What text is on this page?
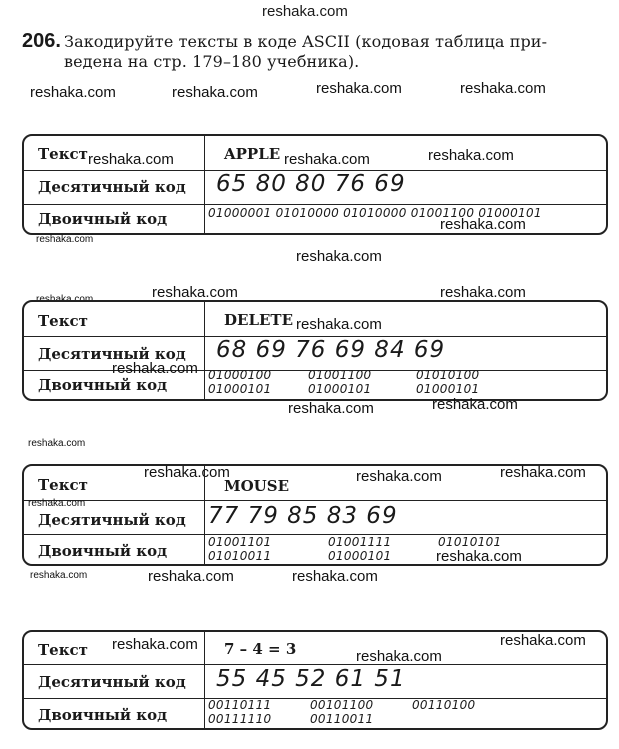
reshaka.com
reshaka.com	reshaka.com	reshaka.com	reshaka.com
206. Закодируйте тексты в коде ASCII (кодовая таблица при-
ведена на стр. 179–180 учебника).
Текст	APPLE
Десятичный код 65 80 80 76 69
Двоичный код	01000001 01010000 01010000 01001100 01000101
reshaka.com	reshaka.com	reshaka.com
reshaka.com
reshaka.com
reshaka.com
reshaka.com	reshaka.com
reshaka.com
Текст	DELETE
Десятичный код 68 69 76 69 84 69
Двоичный код
01000100	01001100	01010100
01000101	01000101	01000101
reshaka.com
reshaka.com
reshaka.com	reshaka.com
reshaka.com
reshaka.com	reshaka.com	reshaka.com
Текст	MOUSE
Десятичный код 77 79 85 83 69
Двоичный код	01001101	01001111	01010101
01010011	01000101
reshaka.com
reshaka.com
reshaka.com	reshaka.com	reshaka.com
Текст	7 – 4 = 3
Десятичный код 55 45 52 61 51
Двоичный код
00110111	00101100	00110100
00111110	00110011
reshaka.com	reshaka.com
reshaka.com
